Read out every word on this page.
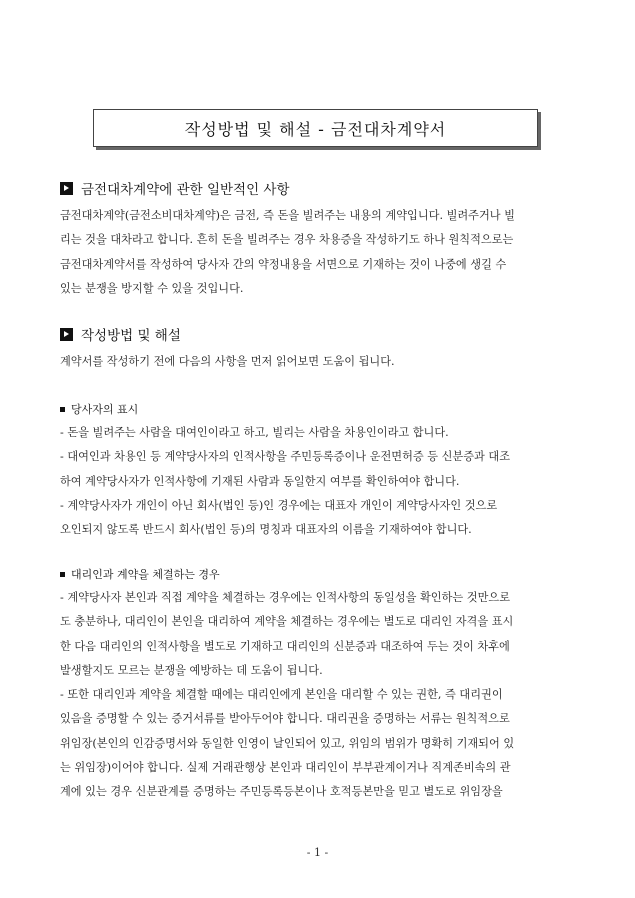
작성방법 및 해설 - 금전대차계약서
금전대차계약에 관한 일반적인 사항

금전대차계약(금전소비대차계약)은 금전, 즉 돈을 빌려주는 내용의 계약입니다. 빌려주거나 빌
리는 것을 대차라고 합니다. 흔히 돈을 빌려주는 경우 차용증을 작성하기도 하나 원칙적으로는
금전대차계약서를 작성하여 당사자 간의 약정내용을 서면으로 기재하는 것이 나중에 생길 수
있는 분쟁을 방지할 수 있을 것입니다.

작성방법 및 해설

계약서를 작성하기 전에 다음의 사항을 먼저 읽어보면 도움이 됩니다.

당사자의 표시

- 돈을 빌려주는 사람을 대여인이라고 하고, 빌리는 사람을 차용인이라고 합니다.
- 대여인과 차용인 등 계약당사자의 인적사항을 주민등록증이나 운전면허증 등 신분증과 대조
하여 계약당사자가 인적사항에 기재된 사람과 동일한지 여부를 확인하여야 합니다.
- 계약당사자가 개인이 아닌 회사(법인 등)인 경우에는 대표자 개인이 계약당사자인 것으로
오인되지 않도록 반드시 회사(법인 등)의 명칭과 대표자의 이름을 기재하여야 합니다.

대리인과 계약을 체결하는 경우

- 계약당사자 본인과 직접 계약을 체결하는 경우에는 인적사항의 동일성을 확인하는 것만으로
도 충분하나, 대리인이 본인을 대리하여 계약을 체결하는 경우에는 별도로 대리인 자격을 표시
한 다음 대리인의 인적사항을 별도로 기재하고 대리인의 신분증과 대조하여 두는 것이 차후에
발생할지도 모르는 분쟁을 예방하는 데 도움이 됩니다.
- 또한 대리인과 계약을 체결할 때에는 대리인에게 본인을 대리할 수 있는 권한, 즉 대리권이
있음을 증명할 수 있는 증거서류를 받아두어야 합니다. 대리권을 증명하는 서류는 원칙적으로
위임장(본인의 인감증명서와 동일한 인영이 날인되어 있고, 위임의 범위가 명확히 기재되어 있
는 위임장)이어야 합니다. 실제 거래관행상 본인과 대리인이 부부관계이거나 직계존비속의 관
계에 있는 경우 신분관계를 증명하는 주민등록등본이나 호적등본만을 믿고 별도로 위임장을

- 1 -
